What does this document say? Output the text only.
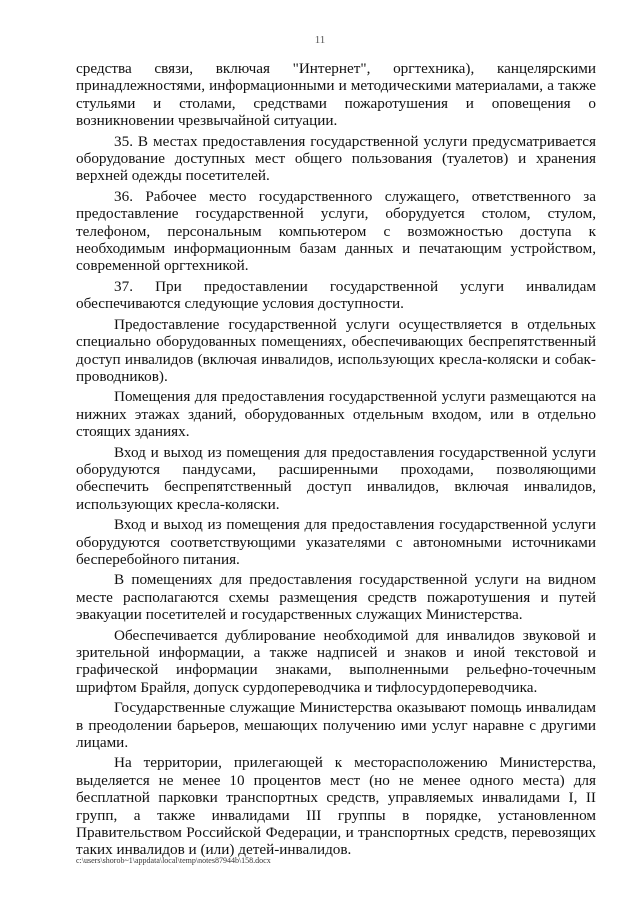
11

средства связи, включая "Интернет", оргтехника), канцелярскими принадлежностями, информационными и методическими материалами, а также стульями и столами, средствами пожаротушения и оповещения о возникновении чрезвычайной ситуации.

35. В местах предоставления государственной услуги предусматривается оборудование доступных мест общего пользования (туалетов) и хранения верхней одежды посетителей.

36. Рабочее место государственного служащего, ответственного за предоставление государственной услуги, оборудуется столом, стулом, телефоном, персональным компьютером с возможностью доступа к необходимым информационным базам данных и печатающим устройством, современной оргтехникой.

37. При предоставлении государственной услуги инвалидам обеспечиваются следующие условия доступности.

Предоставление государственной услуги осуществляется в отдельных специально оборудованных помещениях, обеспечивающих беспрепятственный доступ инвалидов (включая инвалидов, использующих кресла-коляски и собак-проводников).

Помещения для предоставления государственной услуги размещаются на нижних этажах зданий, оборудованных отдельным входом, или в отдельно стоящих зданиях.

Вход и выход из помещения для предоставления государственной услуги оборудуются пандусами, расширенными проходами, позволяющими обеспечить беспрепятственный доступ инвалидов, включая инвалидов, использующих кресла-коляски.

Вход и выход из помещения для предоставления государственной услуги оборудуются соответствующими указателями с автономными источниками бесперебойного питания.

В помещениях для предоставления государственной услуги на видном месте располагаются схемы размещения средств пожаротушения и путей эвакуации посетителей и государственных служащих Министерства.

Обеспечивается дублирование необходимой для инвалидов звуковой и зрительной информации, а также надписей и знаков и иной текстовой и графической информации знаками, выполненными рельефно-точечным шрифтом Брайля, допуск сурдопереводчика и тифлосурдопереводчика.

Государственные служащие Министерства оказывают помощь инвалидам в преодолении барьеров, мешающих получению ими услуг наравне с другими лицами.

На территории, прилегающей к месторасположению Министерства, выделяется не менее 10 процентов мест (но не менее одного места) для бесплатной парковки транспортных средств, управляемых инвалидами I, II групп, а также инвалидами III группы в порядке, установленном Правительством Российской Федерации, и транспортных средств, перевозящих таких инвалидов и (или) детей-инвалидов.

c:\users\shorob~1\appdata\local\temp\notes87944b\158.docx
